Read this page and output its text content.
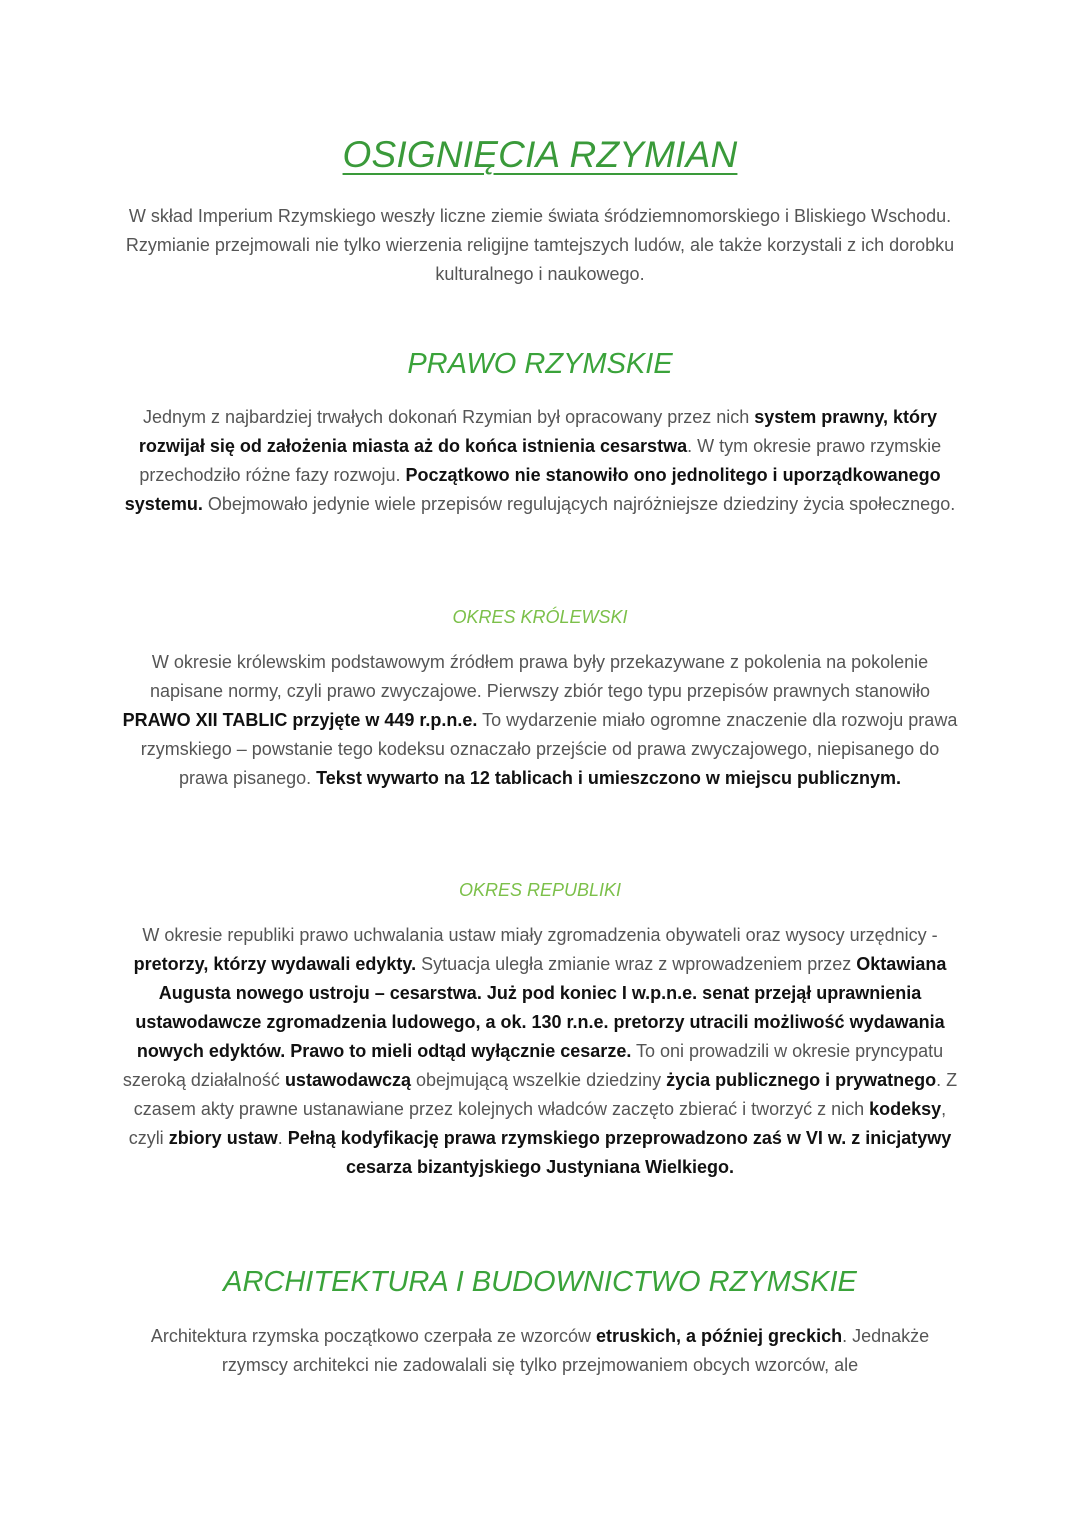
OSIGNIĘCIA RZYMIAN

W skład Imperium Rzymskiego weszły liczne ziemie świata śródziemnomorskiego i Bliskiego Wschodu. Rzymianie przejmowali nie tylko wierzenia religijne tamtejszych ludów, ale także korzystali z ich dorobku kulturalnego i naukowego.

PRAWO RZYMSKIE

Jednym z najbardziej trwałych dokonań Rzymian był opracowany przez nich system prawny, który rozwijał się od założenia miasta aż do końca istnienia cesarstwa. W tym okresie prawo rzymskie przechodziło różne fazy rozwoju. Początkowo nie stanowiło ono jednolitego i uporządkowanego systemu. Obejmowało jedynie wiele przepisów regulujących najróżniejsze dziedziny życia społecznego.

OKRES KRÓLEWSKI

W okresie królewskim podstawowym źródłem prawa były przekazywane z pokolenia na pokolenie napisane normy, czyli prawo zwyczajowe. Pierwszy zbiór tego typu przepisów prawnych stanowiło PRAWO XII TABLIC przyjęte w 449 r.p.n.e. To wydarzenie miało ogromne znaczenie dla rozwoju prawa rzymskiego – powstanie tego kodeksu oznaczało przejście od prawa zwyczajowego, niepisanego do prawa pisanego. Tekst wywarto na 12 tablicach i umieszczono w miejscu publicznym.

OKRES REPUBLIKI

W okresie republiki prawo uchwalania ustaw miały zgromadzenia obywateli oraz wysocy urzędnicy - pretorzy, którzy wydawali edykty. Sytuacja uległa zmianie wraz z wprowadzeniem przez Oktawiana Augusta nowego ustroju – cesarstwa. Już pod koniec I w.p.n.e. senat przejął uprawnienia ustawodawcze zgromadzenia ludowego, a ok. 130 r.n.e. pretorzy utracili możliwość wydawania nowych edyktów. Prawo to mieli odtąd wyłącznie cesarze. To oni prowadzili w okresie pryncypatu szeroką działalność ustawodawczą obejmującą wszelkie dziedziny życia publicznego i prywatnego. Z czasem akty prawne ustanawiane przez kolejnych władców zaczęto zbierać i tworzyć z nich kodeksy, czyli zbiory ustaw. Pełną kodyfikację prawa rzymskiego przeprowadzono zaś w VI w. z inicjatywy cesarza bizantyjskiego Justyniana Wielkiego.

ARCHITEKTURA I BUDOWNICTWO RZYMSKIE

Architektura rzymska początkowo czerpała ze wzorców etruskich, a później greckich. Jednakże rzymscy architekci nie zadowalali się tylko przejmowaniem obcych wzorców, ale
